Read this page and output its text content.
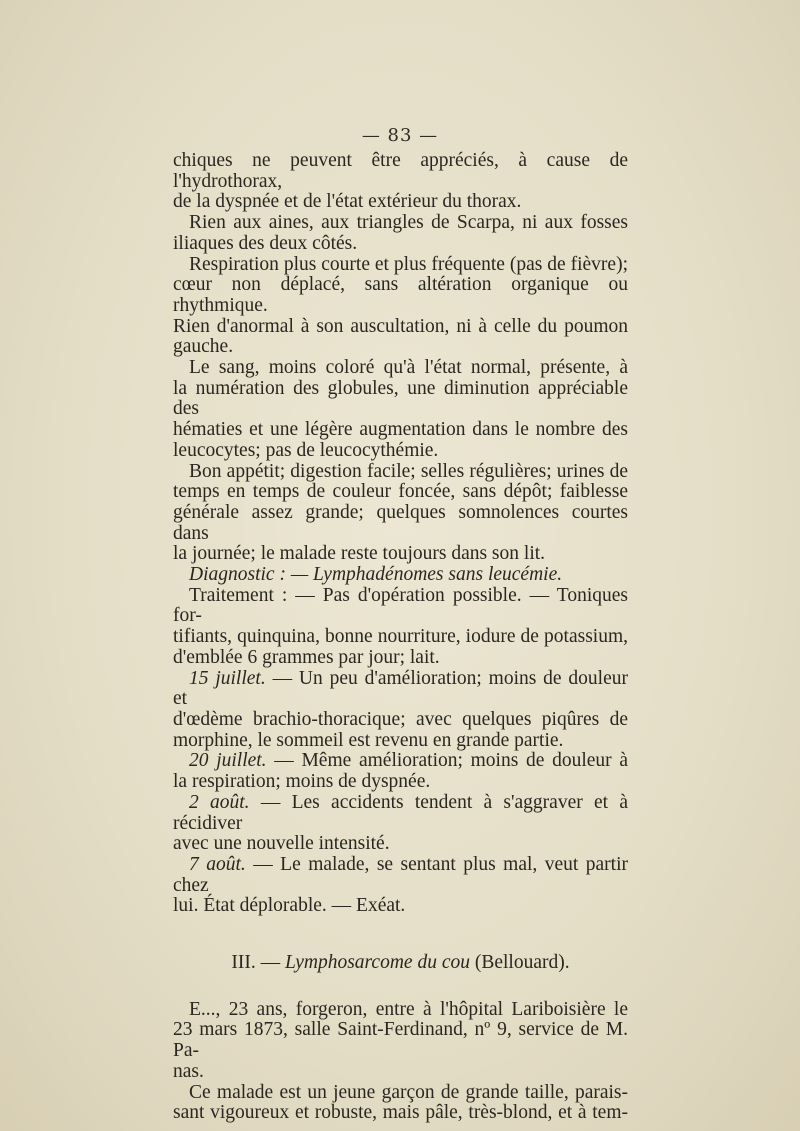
— 83 —

chiques ne peuvent être appréciés, à cause de l'hydrothorax,

de la dyspnée et de l'état extérieur du thorax.

Rien aux aines, aux triangles de Scarpa, ni aux fosses

iliaques des deux côtés.

Respiration plus courte et plus fréquente (pas de fièvre);

cœur non déplacé, sans altération organique ou rhythmique.

Rien d'anormal à son auscultation, ni à celle du poumon

gauche.

Le sang, moins coloré qu'à l'état normal, présente, à

la numération des globules, une diminution appréciable des

hématies et une légère augmentation dans le nombre des

leucocytes; pas de leucocythémie.

Bon appétit; digestion facile; selles régulières; urines de

temps en temps de couleur foncée, sans dépôt; faiblesse

générale assez grande; quelques somnolences courtes dans

la journée; le malade reste toujours dans son lit.

Diagnostic : — Lymphadénomes sans leucémie.

Traitement : — Pas d'opération possible. — Toniques for-

tifiants, quinquina, bonne nourriture, iodure de potassium,

d'emblée 6 grammes par jour; lait.

15 juillet. — Un peu d'amélioration; moins de douleur et

d'œdème brachio-thoracique; avec quelques piqûres de

morphine, le sommeil est revenu en grande partie.

20 juillet. — Même amélioration; moins de douleur à

la respiration; moins de dyspnée.

2 août. — Les accidents tendent à s'aggraver et à récidiver

avec une nouvelle intensité.

7 août. — Le malade, se sentant plus mal, veut partir chez

lui. État déplorable. — Exéat.

III. — Lymphosarcome du cou (Bellouard).

E..., 23 ans, forgeron, entre à l'hôpital Lariboisière le

23 mars 1873, salle Saint-Ferdinand, nº 9, service de M. Pa-

nas.

Ce malade est un jeune garçon de grande taille, parais-

sant vigoureux et robuste, mais pâle, très-blond, et à tem-
